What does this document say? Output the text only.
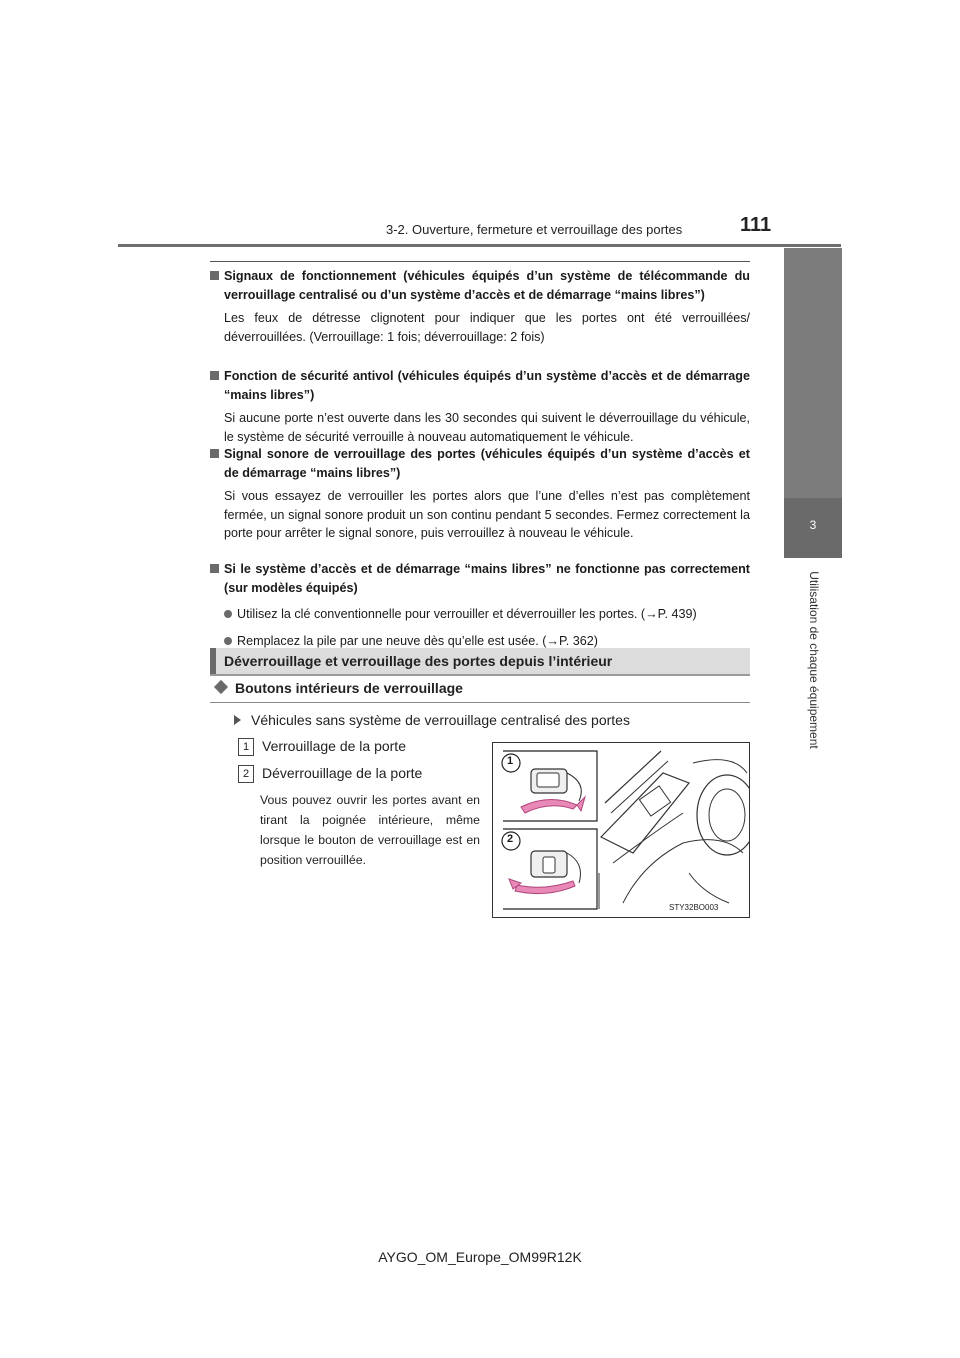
3-2. Ouverture, fermeture et verrouillage des portes	111
3
Utilisation de chaque équipement
Signaux de fonctionnement (véhicules équipés d’un système de télécommande du verrouillage centralisé ou d’un système d’accès et de démarrage “mains libres”)
Les feux de détresse clignotent pour indiquer que les portes ont été verrouillées/ déverrouillées. (Verrouillage: 1 fois; déverrouillage: 2 fois)
Fonction de sécurité antivol (véhicules équipés d’un système d’accès et de démarrage “mains libres”)
Si aucune porte n’est ouverte dans les 30 secondes qui suivent le déverrouillage du véhicule, le système de sécurité verrouille à nouveau automatiquement le véhicule.
Signal sonore de verrouillage des portes (véhicules équipés d’un système d’accès et de démarrage “mains libres”)
Si vous essayez de verrouiller les portes alors que l’une d’elles n’est pas complètement fermée, un signal sonore produit un son continu pendant 5 secondes. Fermez correctement la porte pour arrêter le signal sonore, puis verrouillez à nouveau le véhicule.
Si le système d’accès et de démarrage “mains libres” ne fonctionne pas correctement (sur modèles équipés)
Utilisez la clé conventionnelle pour verrouiller et déverrouiller les portes. (→P. 439)
Remplacez la pile par une neuve dès qu’elle est usée. (→P. 362)
Déverrouillage et verrouillage des portes depuis l’intérieur
Boutons intérieurs de verrouillage
Véhicules sans système de verrouillage centralisé des portes
1 Verrouillage de la porte
2 Déverrouillage de la porte
Vous pouvez ouvrir les portes avant en tirant la poignée intérieure, même lorsque le bouton de verrouillage est en position verrouillée.
1
2
STY32BO003
AYGO_OM_Europe_OM99R12K
